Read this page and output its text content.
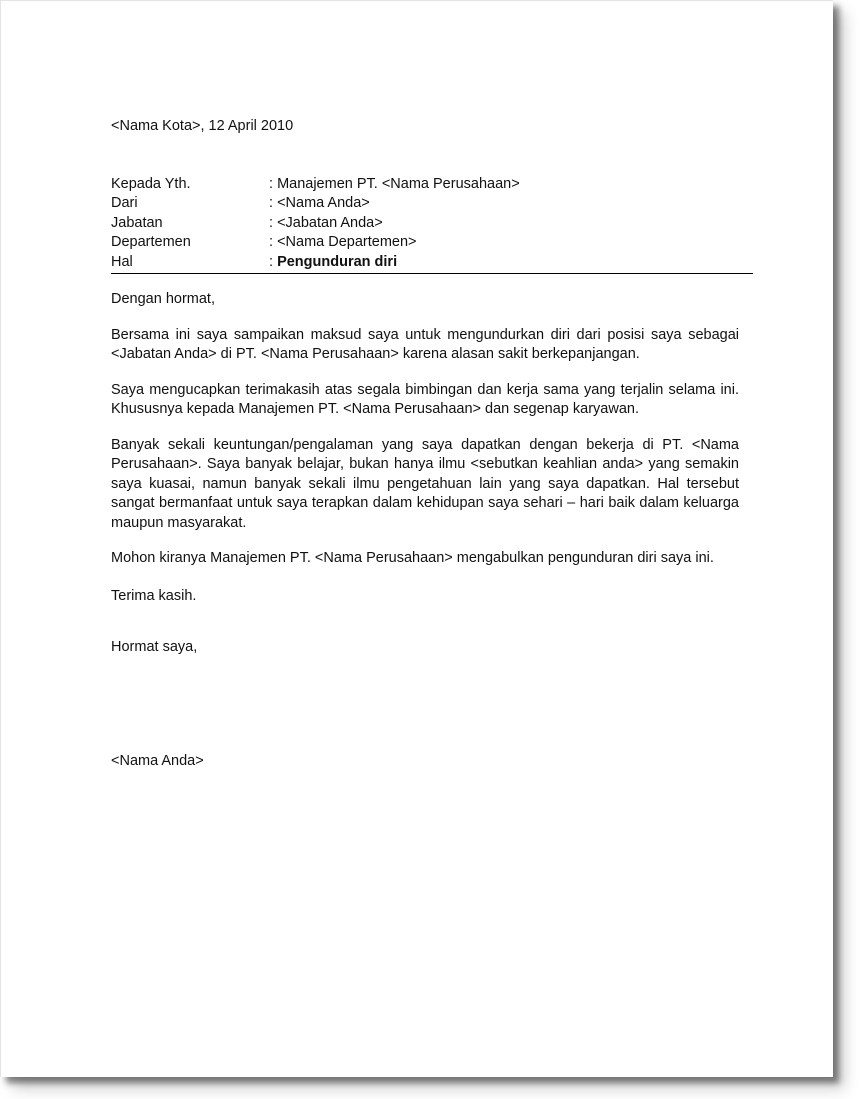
<Nama Kota>, 12 April 2010

Kepada Yth.	: Manajemen PT. <Nama Perusahaan>
Dari	: <Nama Anda>
Jabatan	: <Jabatan Anda>
Departemen	: <Nama Departemen>
Hal	: Pengunduran diri

Dengan hormat,

Bersama ini saya sampaikan maksud saya untuk mengundurkan diri dari posisi saya sebagai <Jabatan Anda> di PT. <Nama Perusahaan> karena alasan sakit berkepanjangan.

Saya mengucapkan terimakasih atas segala bimbingan dan kerja sama yang terjalin selama ini. Khususnya kepada Manajemen PT. <Nama Perusahaan> dan segenap karyawan.

Banyak sekali keuntungan/pengalaman yang saya dapatkan dengan bekerja di PT. <Nama Perusahaan>. Saya banyak belajar, bukan hanya ilmu <sebutkan keahlian anda> yang semakin saya kuasai, namun banyak sekali ilmu pengetahuan lain yang saya dapatkan. Hal tersebut sangat bermanfaat untuk saya terapkan dalam kehidupan saya sehari – hari baik dalam keluarga maupun masyarakat.

Mohon kiranya Manajemen PT. <Nama Perusahaan> mengabulkan pengunduran diri saya ini.

Terima kasih.

Hormat saya,

<Nama Anda>
